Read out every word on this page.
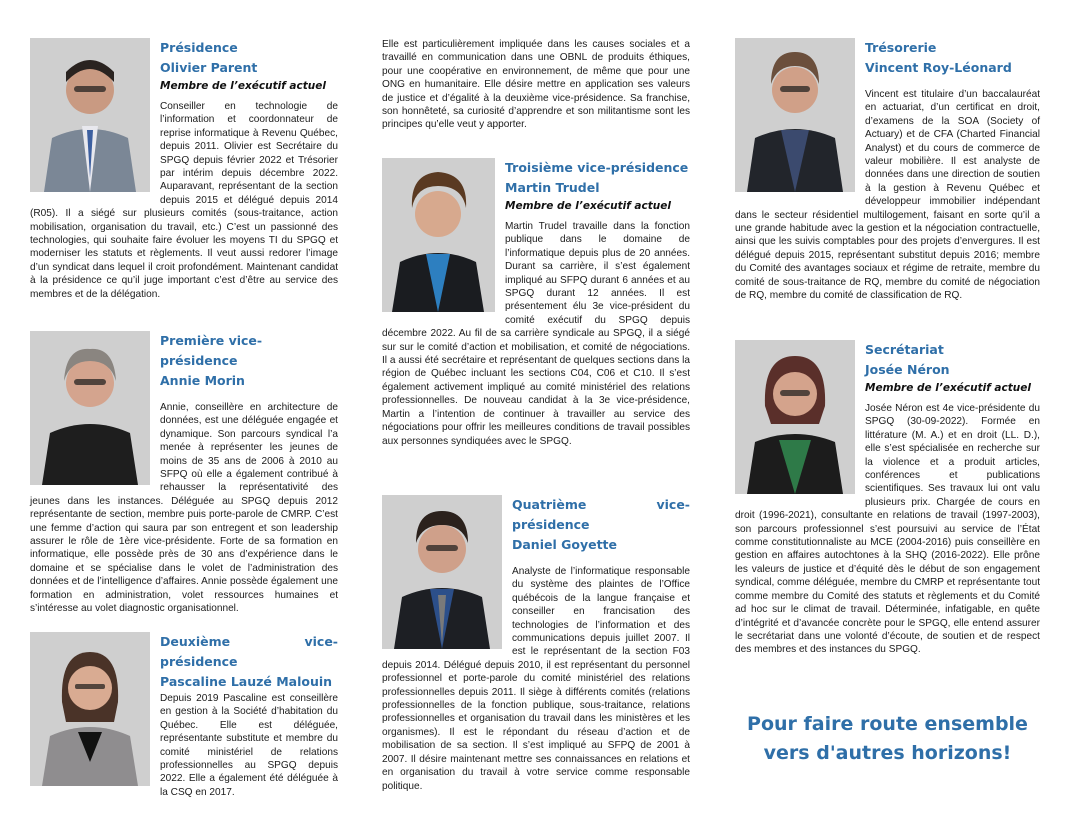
Présidence

Olivier Parent

Membre de l’exécutif actuel

Conseiller en technologie de l’information et coordonnateur de reprise informatique à Revenu Québec, depuis 2011. Olivier est Secrétaire du SPGQ depuis février 2022 et Trésorier par intérim depuis décembre 2022. Auparavant, représentant de la section depuis 2015 et délégué depuis 2014 (R05). Il a siégé sur plusieurs comités (sous-traitance, action mobilisation, organisation du travail, etc.) C’est un passionné des technologies, qui souhaite faire évoluer les moyens TI du SPGQ et moderniser les statuts et règlements. Il veut aussi redorer l’image d’un syndicat dans lequel il croit profondément. Maintenant candidat à la présidence ce qu’il juge important c’est d’être au service des membres et de la délégation.

Première vice-présidence

Annie Morin

Annie, conseillère en architecture de données, est une déléguée engagée et dynamique. Son parcours syndical l’a menée à représenter les jeunes de moins de 35 ans de 2006 à 2010 au SFPQ où elle a également contribué à rehausser la représentativité des jeunes dans les instances. Déléguée au SPGQ depuis 2012 représentante de section, membre puis porte-parole de CMRP. C’est une femme d’action qui saura par son entregent et son leadership assurer le rôle de 1ère vice-présidente. Forte de sa formation en informatique, elle possède près de 30 ans d’expérience dans le domaine et se spécialise dans le volet de l’administration des données et de l’intelligence d’affaires. Annie possède également une formation en administration, volet ressources humaines et s’intéresse au volet diagnostic organisationnel.

Deuxième vice-présidence

Pascaline Lauzé Malouin

Depuis 2019 Pascaline est conseillère en gestion à la Société d’habitation du Québec. Elle est déléguée, représentante substitute et membre du comité ministériel de relations professionnelles au SPGQ depuis 2022. Elle a également été déléguée à la CSQ en 2017.

Elle est particulièrement impliquée dans les causes sociales et a travaillé en communication dans une OBNL de produits éthiques, pour une coopérative en environnement, de même que pour une ONG en humanitaire. Elle désire mettre en application ses valeurs de justice et d’égalité à la deuxième vice-présidence. Sa franchise, son honnêteté, sa curiosité d’apprendre et son militantisme sont les principes qu’elle veut y apporter.

Troisième vice-présidence

Martin Trudel

Membre de l’exécutif actuel

Martin Trudel travaille dans la fonction publique dans le domaine de l’informatique depuis plus de 20 années. Durant sa carrière, il s’est également impliqué au SFPQ durant 6 années et au SPGQ durant 12 années. Il est présentement élu 3e vice-président du comité exécutif du SPGQ depuis décembre 2022. Au fil de sa carrière syndicale au SPGQ, il a siégé sur sur le comité d’action et mobilisation, et comité de négociations. Il a aussi été secrétaire et représentant de quelques sections dans la région de Québec incluant les sections C04, C06 et C10. Il s’est également activement impliqué au comité ministériel des relations professionnelles. De nouveau candidat à la 3e vice-présidence, Martin a l’intention de continuer à travailler au service des négociations pour offrir les meilleures conditions de travail possibles aux personnes syndiquées avec le SPGQ.

Quatrième vice-présidence

Daniel Goyette

Analyste de l’informatique responsable du système des plaintes de l’Office québécois de la langue française et conseiller en francisation des technologies de l’information et des communications depuis juillet 2007. Il est le représentant de la section F03 depuis 2014. Délégué depuis 2010, il est représentant du personnel professionnel et porte-parole du comité ministériel des relations professionnelles depuis 2011. Il siège à différents comités (relations professionnelles de la fonction publique, sous-traitance, relations professionnelles et organisation du travail dans les ministères et les organismes). Il est le répondant du réseau d’action et de mobilisation de sa section. Il s’est impliqué au SFPQ de 2001 à 2007. Il désire maintenant mettre ses connaissances en relations et en organisation du travail à votre service comme responsable politique.

Trésorerie

Vincent Roy-Léonard

Vincent est titulaire d’un baccalauréat en actuariat, d’un certificat en droit, d’examens de la SOA (Society of Actuary) et de CFA (Charted Financial Analyst) et du cours de commerce de valeur mobilière. Il est analyste de données dans une direction de soutien à la gestion à Revenu Québec et développeur immobilier indépendant dans le secteur résidentiel multilogement, faisant en sorte qu’il a une grande habitude avec la gestion et la négociation contractuelle, ainsi que les suivis comptables pour des projets d’envergures. Il est délégué depuis 2015, représentant substitut depuis 2016; membre du Comité des avantages sociaux et régime de retraite, membre du comité de sous-traitance de RQ, membre du comité de négociation de RQ, membre du comité de classification de RQ.

Secrétariat

Josée Néron

Membre de l’exécutif actuel

Josée Néron est 4e vice-présidente du SPGQ (30-09-2022). Formée en littérature (M. A.) et en droit (LL. D.), elle s’est spécialisée en recherche sur la violence et a produit articles, conférences et publications scientifiques. Ses travaux lui ont valu plusieurs prix. Chargée de cours en droit (1996-2021), consultante en relations de travail (1997-2003), son parcours professionnel s’est poursuivi au service de l’État comme constitutionnaliste au MCE (2004-2016) puis conseillère en gestion en affaires autochtones à la SHQ (2016-2022). Elle prône les valeurs de justice et d’équité dès le début de son engagement syndical, comme déléguée, membre du CMRP et représentante tout comme membre du Comité des statuts et règlements et du Comité ad hoc sur le climat de travail. Déterminée, infatigable, en quête d’intégrité et d’avancée concrète pour le SPGQ, elle entend assurer le secrétariat dans une volonté d’écoute, de soutien et de respect des membres et des instances du SPGQ.

Pour faire route ensemble
vers d'autres horizons!
